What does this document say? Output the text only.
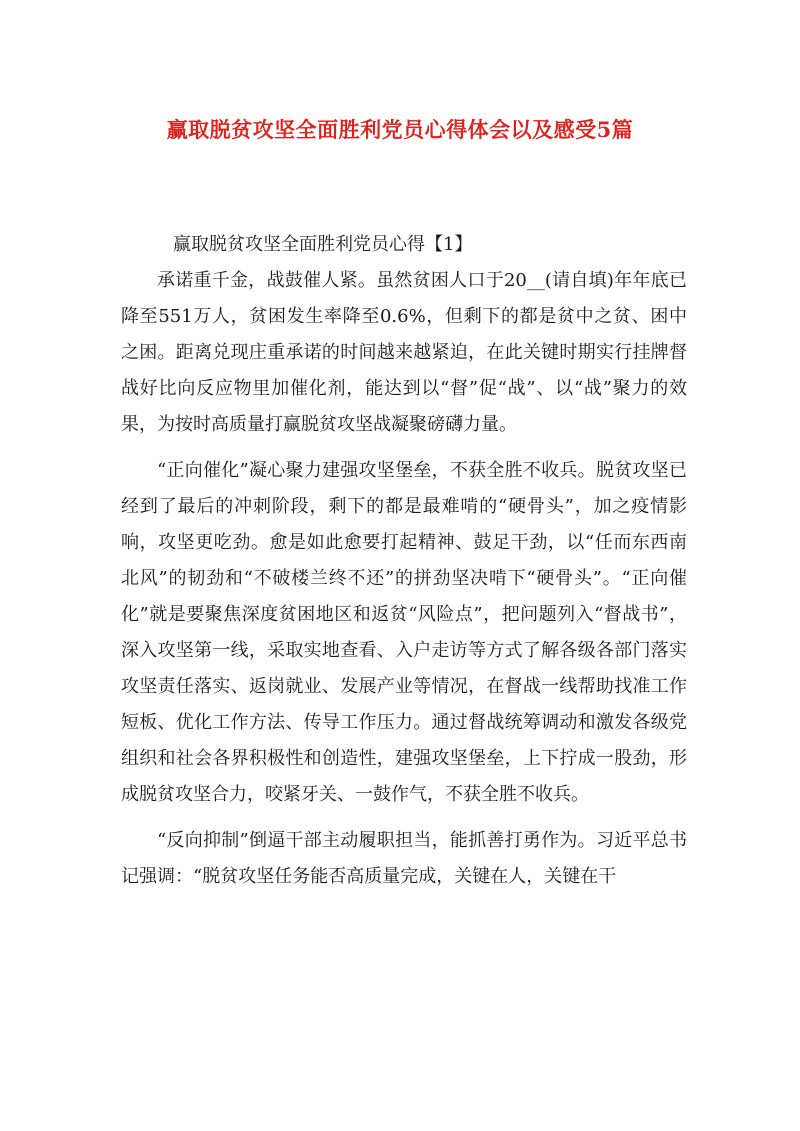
赢取脱贫攻坚全面胜利党员心得体会以及感受5篇

赢取脱贫攻坚全面胜利党员心得【1】

承诺重千金，战鼓催人紧。虽然贫困人口于20__(请自填)年年底已降至551万人，贫困发生率降至0.6%，但剩下的都是贫中之贫、困中之困。距离兑现庄重承诺的时间越来越紧迫，在此关键时期实行挂牌督战好比向反应物里加催化剂，能达到以“督”促“战”、以“战”聚力的效果，为按时高质量打赢脱贫攻坚战凝聚磅礴力量。

“正向催化”凝心聚力建强攻坚堡垒，不获全胜不收兵。脱贫攻坚已经到了最后的冲刺阶段，剩下的都是最难啃的“硬骨头”，加之疫情影响，攻坚更吃劲。愈是如此愈要打起精神、鼓足干劲，以“任而东西南北风”的韧劲和“不破楼兰终不还”的拼劲坚决啃下“硬骨头”。“正向催化”就是要聚焦深度贫困地区和返贫“风险点”，把问题列入“督战书”，深入攻坚第一线，采取实地查看、入户走访等方式了解各级各部门落实攻坚责任落实、返岗就业、发展产业等情况，在督战一线帮助找准工作短板、优化工作方法、传导工作压力。通过督战统筹调动和激发各级党组织和社会各界积极性和创造性，建强攻坚堡垒，上下拧成一股劲，形成脱贫攻坚合力，咬紧牙关、一鼓作气，不获全胜不收兵。

“反向抑制”倒逼干部主动履职担当，能抓善打勇作为。习近平总书记强调：“脱贫攻坚任务能否高质量完成，关键在人，关键在干
